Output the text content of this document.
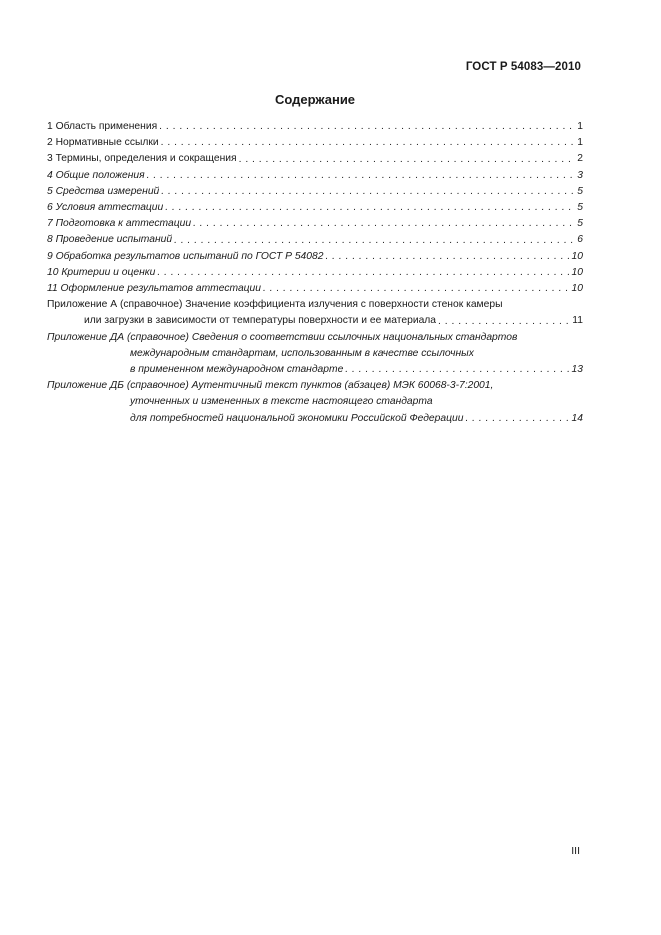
ГОСТ Р 54083—2010
Содержание
1 Область применения . . .	1
2 Нормативные ссылки . . .	1
3 Термины, определения и сокращения . . .	2
4 Общие положения . . .	3
5 Средства измерений . . .	5
6 Условия аттестации . . .	5
7 Подготовка к аттестации . . .	5
8 Проведение испытаний . . .	6
9 Обработка результатов испытаний по ГОСТ Р 54082 . . .	10
10 Критерии и оценки . . .	10
11 Оформление результатов аттестации . . .	10
Приложение А (справочное) Значение коэффициента излучения с поверхности стенок камеры
или загрузки в зависимости от температуры поверхности и ее материала . . .	11
Приложение ДА (справочное) Сведения о соответствии ссылочных национальных стандартов
международным стандартам, использованным в качестве ссылочных
в примененном международном стандарте . . .	13
Приложение ДБ (справочное) Аутентичный текст пунктов (абзацев) МЭК 60068-3-7:2001,
уточненных и измененных в тексте настоящего стандарта
для потребностей национальной экономики Российской Федерации . . .	14
III
